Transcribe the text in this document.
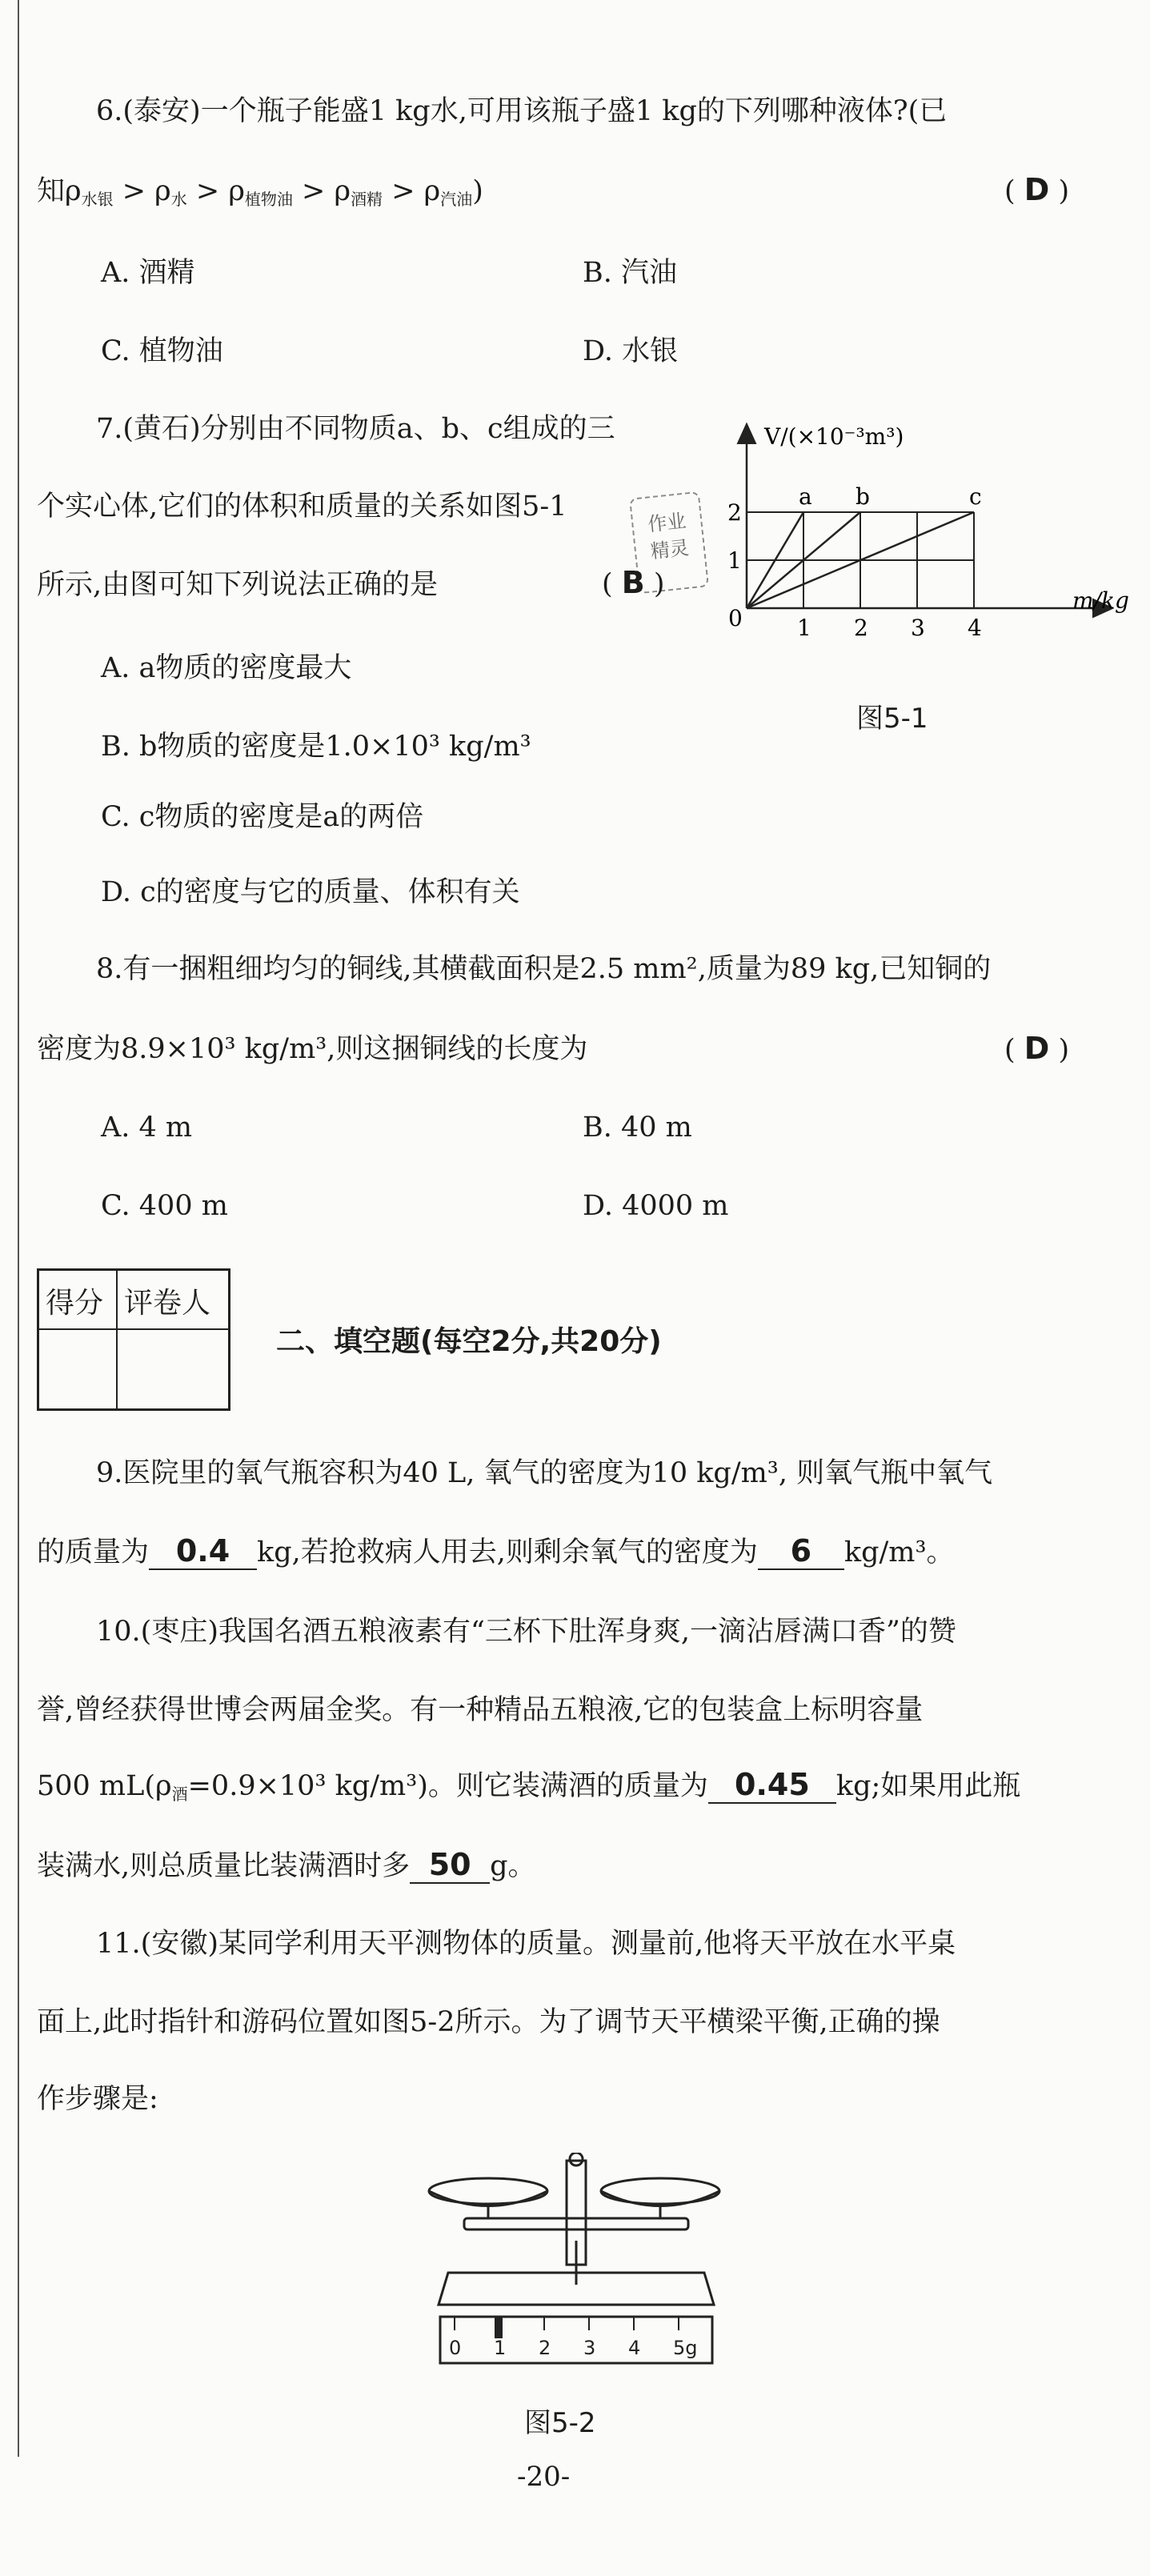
6.(泰安)一个瓶子能盛1 kg水,可用该瓶子盛1 kg的下列哪种液体?(已
知$\rho_{水银} > \rho_水 > \rho_{植物油} > \rho_{酒精} > \rho_{汽油}$)	( D )
A. 酒精	B. 汽油
C. 植物油	D. 水银
7.(黄石)分别由不同物质a、b、c组成的三
个实心体,它们的体积和质量的关系如图5-1
所示,由图可知下列说法正确的是
作业
精灵
( B )
A. a物质的密度最大
B. b物质的密度是1.0×10³ kg/m³
C. c物质的密度是a的两倍
D. c的密度与它的质量、体积有关
a b	c
1 2 3 4
1
2
V/(×10⁻³m³)
m/kg
0
图5-1
8.有一捆粗细均匀的铜线,其横截面积是2.5 mm²,质量为89 kg,已知铜的
密度为8.9×10³ kg/m³,则这捆铜线的长度为	( D )
A. 4 m	B. 40 m
C. 400 m	D. 4000 m
得分 评卷人
二、填空题(每空2分,共20分)
9.医院里的氧气瓶容积为40 L, 氧气的密度为10 kg/m³, 则氧气瓶中氧气
的质量为 0.4 kg,若抢救病人用去,则剩余氧气的密度为 6 kg/m³。
10.(枣庄)我国名酒五粮液素有“三杯下肚浑身爽,一滴沾唇满口香”的赞
誉,曾经获得世博会两届金奖。有一种精品五粮液,它的包装盒上标明容量
500 $mL(\rho_酒=0.9\times 10^3$ kg/m³)。则它装满酒的质量为 0.45 kg;如果用此瓶
装满水,则总质量比装满酒时多 50 g。
11.(安徽)某同学利用天平测物体的质量。测量前,他将天平放在水平桌
面上,此时指针和游码位置如图5-2所示。为了调节天平横梁平衡,正确的操
作步骤是:
0 1 2 3 4 5g
图5-2
-20-
